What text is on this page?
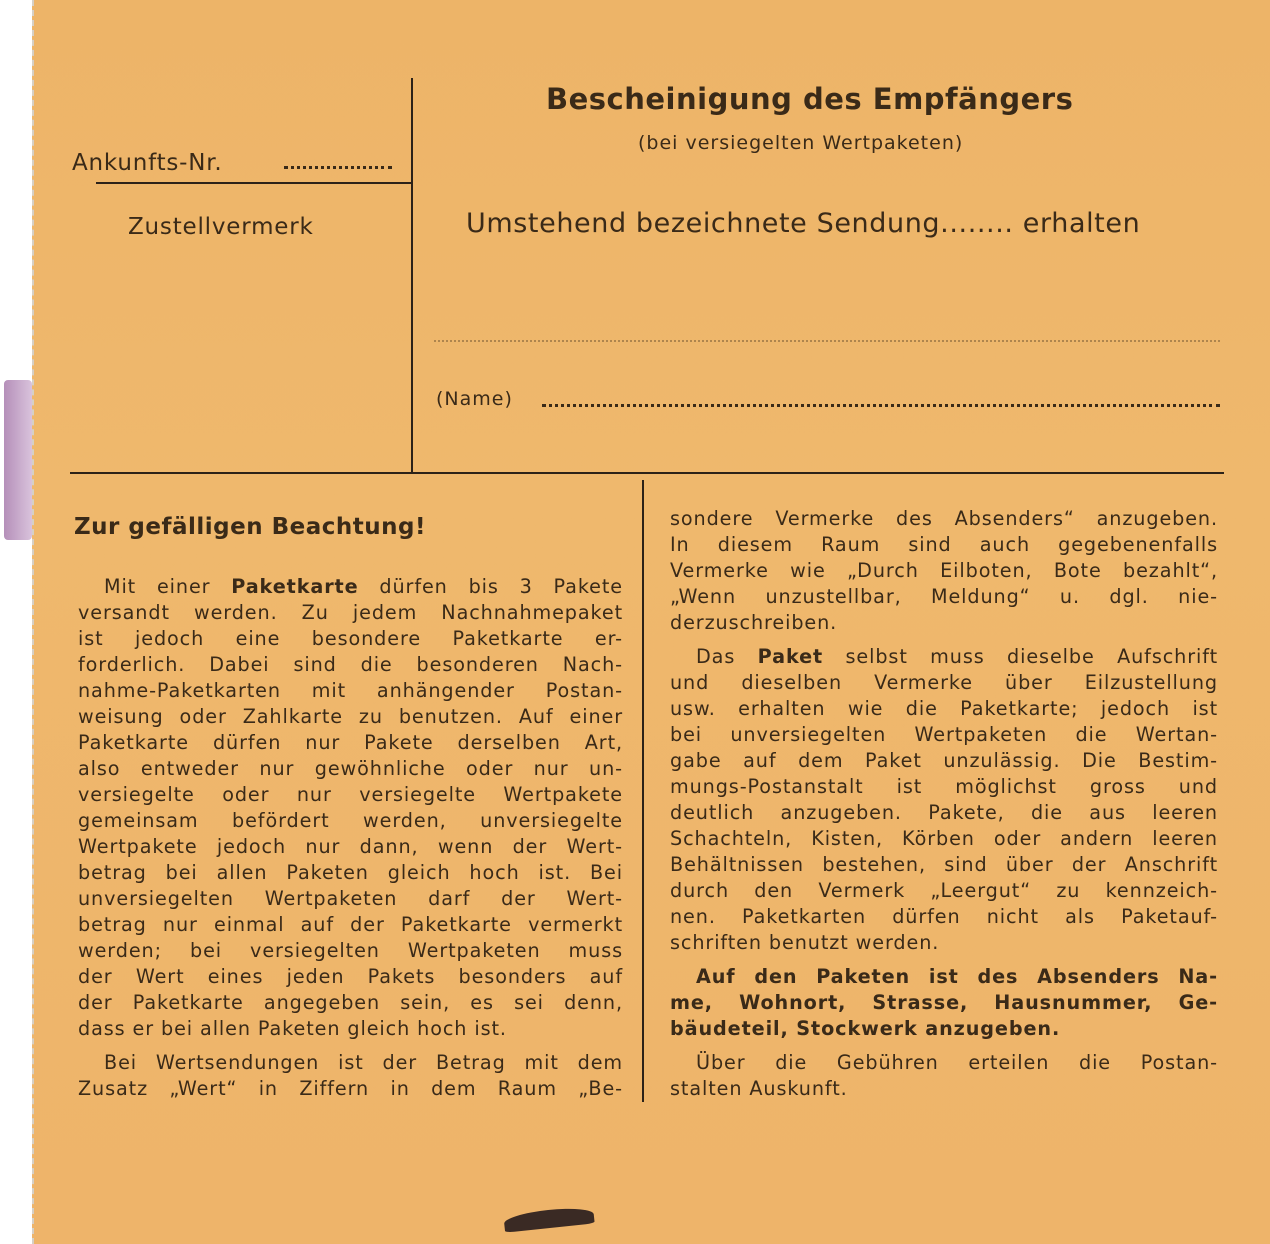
Ankunfts-Nr.
Zustellvermerk
Bescheinigung des Empfängers
(bei versiegelten Wertpaketen)
Umstehend bezeichnete Sendung........ erhalten
(Name)
Zur gefälligen Beachtung!

Mit einer Paketkarte dürfen bis 3 Pakete

versandt werden. Zu jedem Nachnahmepaket

ist jedoch eine besondere Paketkarte er-

forderlich. Dabei sind die besonderen Nach-

nahme-Paketkarten mit anhängender Postan-

weisung oder Zahlkarte zu benutzen. Auf einer

Paketkarte dürfen nur Pakete derselben Art,

also entweder nur gewöhnliche oder nur un-

versiegelte oder nur versiegelte Wertpakete

gemeinsam befördert werden, unversiegelte

Wertpakete jedoch nur dann, wenn der Wert-

betrag bei allen Paketen gleich hoch ist. Bei

unversiegelten Wertpaketen darf der Wert-

betrag nur einmal auf der Paketkarte vermerkt

werden; bei versiegelten Wertpaketen muss

der Wert eines jeden Pakets besonders auf

der Paketkarte angegeben sein, es sei denn,

dass er bei allen Paketen gleich hoch ist.

Bei Wertsendungen ist der Betrag mit dem

Zusatz „Wert“ in Ziffern in dem Raum „Be-

sondere Vermerke des Absenders“ anzugeben.

In diesem Raum sind auch gegebenenfalls

Vermerke wie „Durch Eilboten, Bote bezahlt“,

„Wenn unzustellbar, Meldung“ u. dgl. nie-

derzuschreiben.

Das Paket selbst muss dieselbe Aufschrift

und dieselben Vermerke über Eilzustellung

usw. erhalten wie die Paketkarte; jedoch ist

bei unversiegelten Wertpaketen die Wertan-

gabe auf dem Paket unzulässig. Die Bestim-

mungs-Postanstalt ist möglichst gross und

deutlich anzugeben. Pakete, die aus leeren

Schachteln, Kisten, Körben oder andern leeren

Behältnissen bestehen, sind über der Anschrift

durch den Vermerk „Leergut“ zu kennzeich-

nen. Paketkarten dürfen nicht als Paketauf-

schriften benutzt werden.

Auf den Paketen ist des Absenders Na-

me, Wohnort, Strasse, Hausnummer, Ge-

bäudeteil, Stockwerk anzugeben.

Über die Gebühren erteilen die Postan-

stalten Auskunft.
